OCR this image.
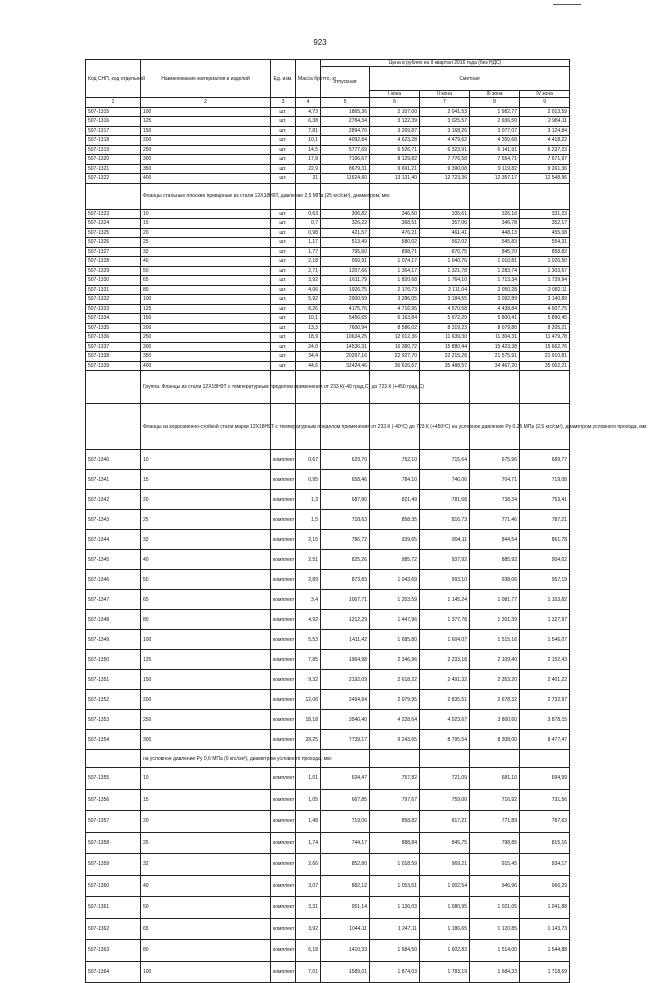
923
Код СНП, код отдельной	Наименование материалов и изделий	Ед. изм.	Масса брутто, кг	Цена в рублях на II квартал 2016 года (без НДС)				
				отпускная	Сметная			
					I зона	II зона	III зона	IV зона
1	2	3	4	5	6	7	8	9
507-1315	100	шт.	4,73	1865,36	2 107,00	2 041,53	1 982,77	2 013,59
507-1316	125	шт.	6,38	2784,34	3 122,39	3 025,57	2 936,50	2 984,11
507-1317	150	шт.	7,81	2894,70	3 269,87	3 168,26	3 077,07	3 124,84
507-1318	200	шт.	10,1	4092,84	4 623,28	4 479,62	4 350,68	4 418,22
507-1319	250	шт.	14,5	5777,69	6 526,71	6 323,91	6 141,91	6 237,23
507-1320	300	шт.	17,8	7196,67	8 129,82	7 776,58	7 554,71	7 671,97
507-1321	350	шт.	22,9	8679,31	9 691,21	9 390,08	9 119,82	9 261,36
507-1322	400	шт.	31	11624,60	13 131,40	12 723,36	12 357,17	12 548,96
	Фланцы стальные плоские приварные из стали 12Х18Н9Т, давление 2,5 МПа (25 кгс/см²), диаметром, мм:							
507-1323	10	шт.	0,63	306,82	346,60	335,61	326,16	331,23
507-1324	15	шт.	0,7	326,22	368,51	357,06	346,78	352,17
507-1325	20	шт.	0,98	421,57	476,21	461,41	448,13	455,08
507-1326	25	шт.	1,17	513,49	580,02	562,02	545,83	554,31
507-1327	32	шт.	1,77	795,60	898,71	870,75	845,70	858,82
507-1328	40	шт.	2,18	950,91	1 074,17	1 040,76	1 010,81	1 026,50
507-1329	50	шт.	2,71	1207,66	1 364,17	1 321,78	1 283,74	1 303,67
507-1330	65	шт.	3,92	1611,79	1 820,68	1 764,10	1 713,34	1 739,94
507-1331	80	шт.	4,06	1926,75	2 176,73	2 111,04	2 050,28	2 082,11
507-1332	100	шт.	5,92	2900,59	3 286,05	3 184,55	3 092,89	3 140,89
507-1333	125	шт.	8,26	4175,76	4 716,95	4 570,58	4 438,84	4 507,75
507-1334	150	шт.	10,1	5456,65	6 163,84	5 972,29	5 800,41	5 890,45
507-1335	200	шт.	13,3	7600,94	8 586,02	8 319,23	8 079,80	8 205,21
507-1336	250	шт.	18,9	10634,25	12 012,36	11 639,30	11 304,31	11 479,78
507-1337	300	шт.	24,0	14536,31	16 380,72	15 880,44	15 423,38	15 662,76
507-1338	350	шт.	34,4	20297,16	22 927,70	22 215,28	21 575,91	21 910,81
507-1339	400	шт.	44,6	32424,46	36 626,67	35 488,57	34 467,20	35 002,21
	Группа. Фланцы из стали 12Х18Н9Т с температурным пределом применения от 233 К(-40 град.С) до 723 К (+450 град.С)							
	Фланцы из коррозионно-стойкой стали марки 12Х18Н9Т с температурным пределом применения от 233 К (-40ºС) до 723 К (+450ºС) на условное давление Ру 0,25 МПа (2,5 кгс/см²), диаметром условного прохода, мм:							
507-1340	10	комплект	0,67	629,70	752,10	715,64	675,96	689,77
507-1341	15	комплект	0,95	658,46	784,10	746,06	704,71	719,08
507-1342	20	комплект	1,3	687,80	821,49	781,68	738,34	753,41
507-1343	25	комплект	1,5	718,63	858,35	816,73	771,46	787,21
507-1344	32	комплект	2,15	786,72	939,65	894,11	844,54	861,78
507-1345	40	комплект	2,51	825,26	985,72	937,92	885,93	904,02
507-1346	50	комплект	2,89	873,83	1 043,69	993,10	938,06	957,19
507-1347	65	комплект	3,4	1007,71	1 203,59	1 145,24	1 081,77	1 103,82
507-1348	80	комплект	4,92	1212,29	1 447,96	1 377,78	1 301,39	1 327,97
507-1349	100	комплект	5,53	1411,42	1 685,80	1 604,07	1 515,16	1 546,07
507-1350	125	комплект	7,85	1964,98	2 346,96	2 233,18	2 109,40	2 152,43
507-1351	150	комплект	9,32	2192,09	2 618,22	2 491,32	2 353,20	2 401,22
507-1352	200	комплект	12,06	2494,94	2 979,95	2 835,51	2 678,32	2 732,97
507-1353	250	комплект	18,18	3540,40	4 228,64	4 023,67	3 800,60	3 878,15
507-1354	300	комплект	28,25	7739,17	9 243,65	8 795,54	8 308,00	8 477,47
	на условное давление Ру 0,6 МПа (6 кгс/см²), диаметром условного прохода, мм:							
507-1355	10	комплект	1,01	634,47	757,82	721,09	681,10	694,99
507-1356	15	комплект	1,05	667,85	797,67	759,00	716,92	731,56
507-1357	20	комплект	1,48	719,06	858,82	817,21	771,89	787,63
507-1358	25	комплект	1,74	744,17	888,84	845,75	798,85	815,16
507-1359	32	комплект	2,66	852,80	1 018,59	969,21	915,45	934,17
507-1360	40	комплект	3,07	882,12	1 053,61	1 002,54	946,96	966,29
507-1361	50	комплект	3,31	951,14	1 136,03	1 080,95	1 021,05	1 041,88
507-1362	65	комплект	3,92	1044,11	1 247,11	1 186,65	1 120,85	1 143,73
507-1363	80	комплект	6,18	1410,33	1 684,50	1 602,83	1 514,00	1 544,88
507-1364	100	комплект	7,01	1589,01	1 874,03	1 783,19	1 684,33	1 718,69
